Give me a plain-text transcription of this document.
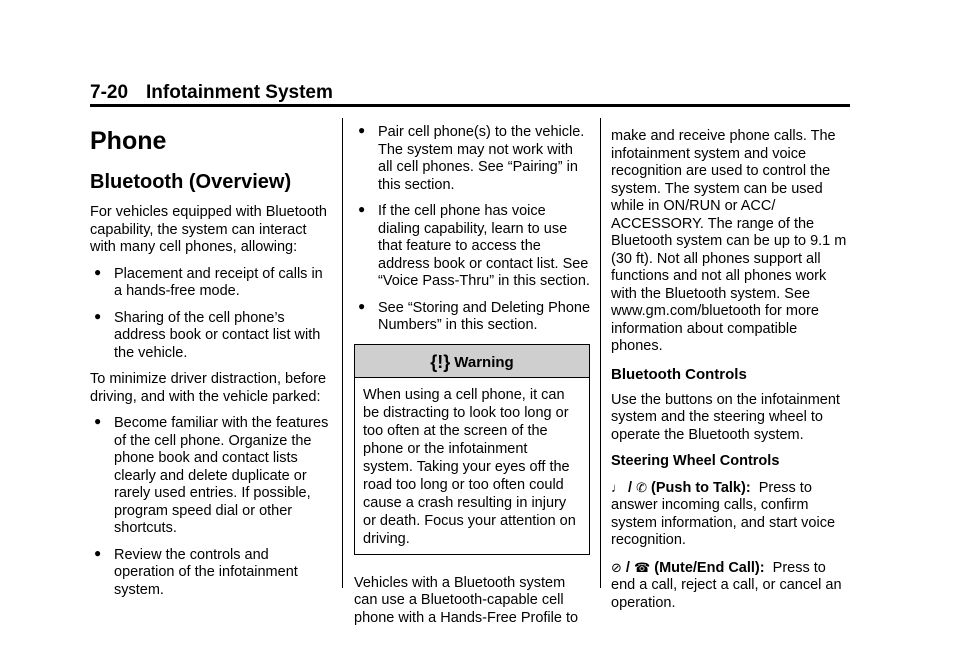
7-20 Infotainment System
Phone
Bluetooth (Overview)

For vehicles equipped with Bluetooth capability, the system can interact with many cell phones, allowing:

● Placement and receipt of calls in a hands-free mode.
● Sharing of the cell phone’s address book or contact list with the vehicle.

To minimize driver distraction, before driving, and with the vehicle parked:

● Become familiar with the features of the cell phone. Organize the phone book and contact lists clearly and delete duplicate or rarely used entries. If possible, program speed dial or other shortcuts.
● Review the controls and operation of the infotainment system.
● Pair cell phone(s) to the vehicle. The system may not work with all cell phones. See “Pairing” in this section.
● If the cell phone has voice dialing capability, learn to use that feature to access the address book or contact list. See “Voice Pass-Thru” in this section.
● See “Storing and Deleting Phone Numbers” in this section.
{!} Warning
When using a cell phone, it can be distracting to look too long or too often at the screen of the phone or the infotainment system. Taking your eyes off the road too long or too often could cause a crash resulting in injury or death. Focus your attention on driving.

Vehicles with a Bluetooth system can use a Bluetooth-capable cell phone with a Hands-Free Profile to

make and receive phone calls. The infotainment system and voice recognition are used to control the system. The system can be used while in ON/RUN or ACC/ ACCESSORY. The range of the Bluetooth system can be up to 9.1 m (30 ft). Not all phones support all functions and not all phones work with the Bluetooth system. See www.gm.com/bluetooth for more information about compatible phones.

Bluetooth Controls

Use the buttons on the infotainment system and the steering wheel to operate the Bluetooth system.

Steering Wheel Controls

♩ / ✆ (Push to Talk): Press to answer incoming calls, confirm system information, and start voice recognition.

⊘ / ☎ (Mute/End Call): Press to end a call, reject a call, or cancel an operation.
